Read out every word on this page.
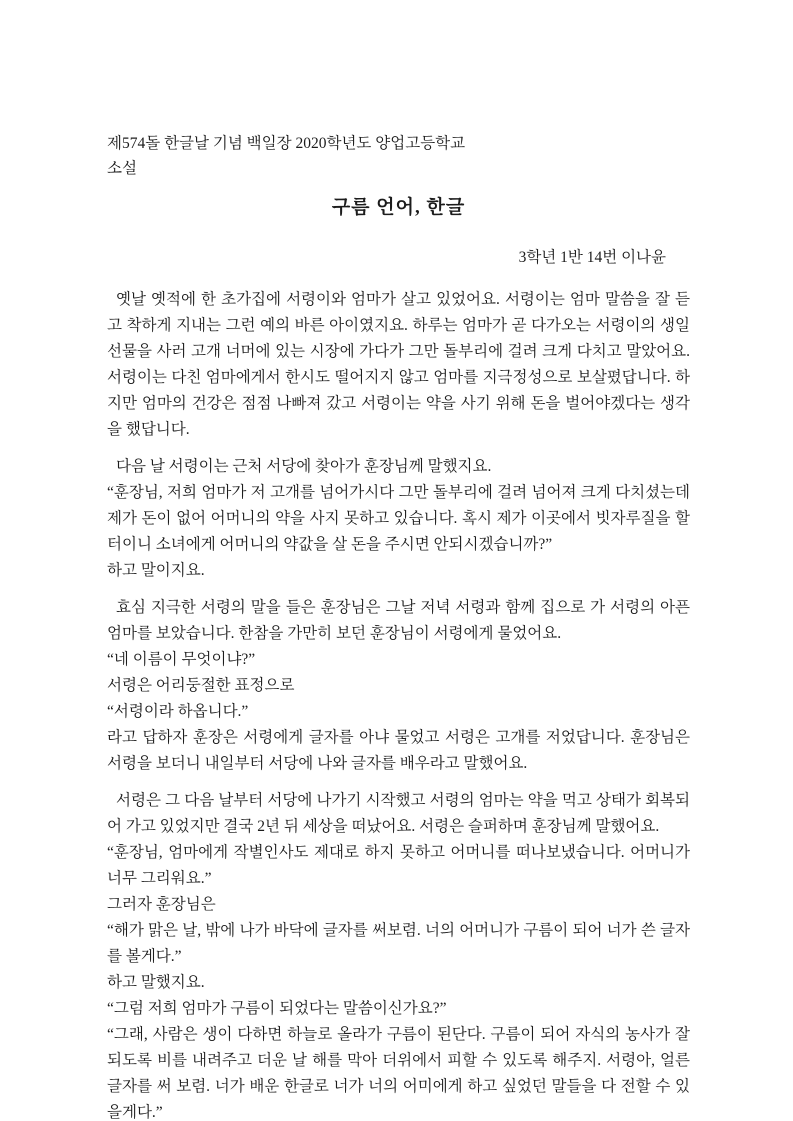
제574돌 한글날 기념 백일장 2020학년도 양업고등학교
소설
구름 언어, 한글
3학년 1반 14번 이나윤

옛날 옛적에 한 초가집에 서령이와 엄마가 살고 있었어요. 서령이는 엄마 말씀을 잘 듣고 착하게 지내는 그런 예의 바른 아이였지요. 하루는 엄마가 곧 다가오는 서령이의 생일 선물을 사러 고개 너머에 있는 시장에 가다가 그만 돌부리에 걸려 크게 다치고 말았어요. 서령이는 다친 엄마에게서 한시도 떨어지지 않고 엄마를 지극정성으로 보살폈답니다. 하지만 엄마의 건강은 점점 나빠져 갔고 서령이는 약을 사기 위해 돈을 벌어야겠다는 생각을 했답니다.

다음 날 서령이는 근처 서당에 찾아가 훈장님께 말했지요.

“훈장님, 저희 엄마가 저 고개를 넘어가시다 그만 돌부리에 걸려 넘어져 크게 다치셨는데 제가 돈이 없어 어머니의 약을 사지 못하고 있습니다. 혹시 제가 이곳에서 빗자루질을 할 터이니 소녀에게 어머니의 약값을 살 돈을 주시면 안되시겠습니까?”

하고 말이지요.

효심 지극한 서령의 말을 들은 훈장님은 그날 저녁 서령과 함께 집으로 가 서령의 아픈 엄마를 보았습니다. 한참을 가만히 보던 훈장님이 서령에게 물었어요.

“네 이름이 무엇이냐?”

서령은 어리둥절한 표정으로

“서령이라 하옵니다.”

라고 답하자 훈장은 서령에게 글자를 아냐 물었고 서령은 고개를 저었답니다. 훈장님은 서령을 보더니 내일부터 서당에 나와 글자를 배우라고 말했어요.

서령은 그 다음 날부터 서당에 나가기 시작했고 서령의 엄마는 약을 먹고 상태가 회복되어 가고 있었지만 결국 2년 뒤 세상을 떠났어요. 서령은 슬퍼하며 훈장님께 말했어요.

“훈장님, 엄마에게 작별인사도 제대로 하지 못하고 어머니를 떠나보냈습니다. 어머니가 너무 그리워요.”

그러자 훈장님은

“해가 맑은 날, 밖에 나가 바닥에 글자를 써보렴. 너의 어머니가 구름이 되어 너가 쓴 글자를 볼게다.”

하고 말했지요.

“그럼 저희 엄마가 구름이 되었다는 말씀이신가요?”

“그래, 사람은 생이 다하면 하늘로 올라가 구름이 된단다. 구름이 되어 자식의 농사가 잘 되도록 비를 내려주고 더운 날 해를 막아 더위에서 피할 수 있도록 해주지. 서령아, 얼른 글자를 써 보렴. 너가 배운 한글로 너가 너의 어미에게 하고 싶었던 말들을 다 전할 수 있을게다.”
